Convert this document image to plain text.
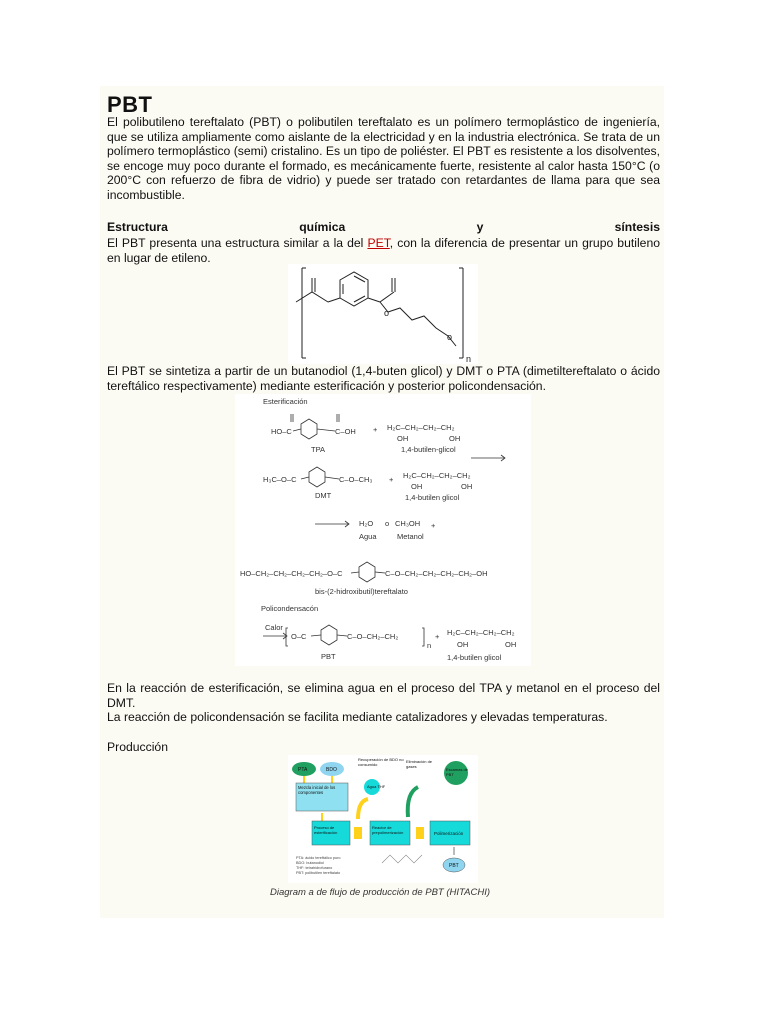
PBT
El polibutileno tereftalato (PBT) o polibutilen tereftalato es un polímero termoplástico de ingeniería, que se utiliza ampliamente como aislante de la electricidad y en la industria electrónica. Se trata de un polímero termoplástico (semi) cristalino. Es un tipo de poliéster. El PBT es resistente a los disolventes, se encoge muy poco durante el formado, es mecánicamente fuerte, resistente al calor hasta 150°C (o 200°C con refuerzo de fibra de vidrio) y puede ser tratado con retardantes de llama para que sea incombustible.
Estructura	química	y	síntesis
El PBT presenta una estructura similar a la del PET, con la diferencia de presentar un grupo butileno en lugar de etileno.
o
o
n
El PBT se sintetiza a partir de un butanodiol (1,4-buten glicol) y DMT o PTA (dimetiltereftalato o ácido tereftálico respectivamente) mediante esterificación y posterior policondensación.
Esterificación
HO–C	C–OH
TPA
+ H₂C–CH₂–CH₂–CH₂
OH	OH
1,4-butilen-glicol
H₃C–O–C	C–O–CH₃
DMT
+ H₂C–CH₂–CH₂–CH₂
OH	OH
1,4-butilen glicol
H₂O
Agua
o CH₃OH
Metanol
+
HO–CH₂–CH₂–CH₂–CH₂–O–C	C–O–CH₂–CH₂–CH₂–CH₂–OH
bis-(2-hidroxibutil)tereftalato
Policondensacón
Calor
O–C	C–O–CH₂–CH₂
n
PBT
+ H₂C–CH₂–CH₂–CH₂
OH	OH
1,4-butilen glicol
En la reacción de esterificación, se elimina agua en el proceso del TPA y metanol en el proceso del DMT.
La reacción de policondensación se facilita mediante catalizadores y elevadas temperaturas.
Producción
PTA	BDO
Mezcla inicial de los componentes
Recuperación de BDO no consumido
Agua THF
Eliminación de gases
Escamas de PBT
Proceso de esterificación
Reactor de prepolimerización	Polimerización
PBT
PTA: ácido tereftálico puro
BDO: butanodiol
THF: tetrahidrofurano
PBT: polibutilen tereftalato
Diagram a de flujo de producción de PBT (HITACHI)
